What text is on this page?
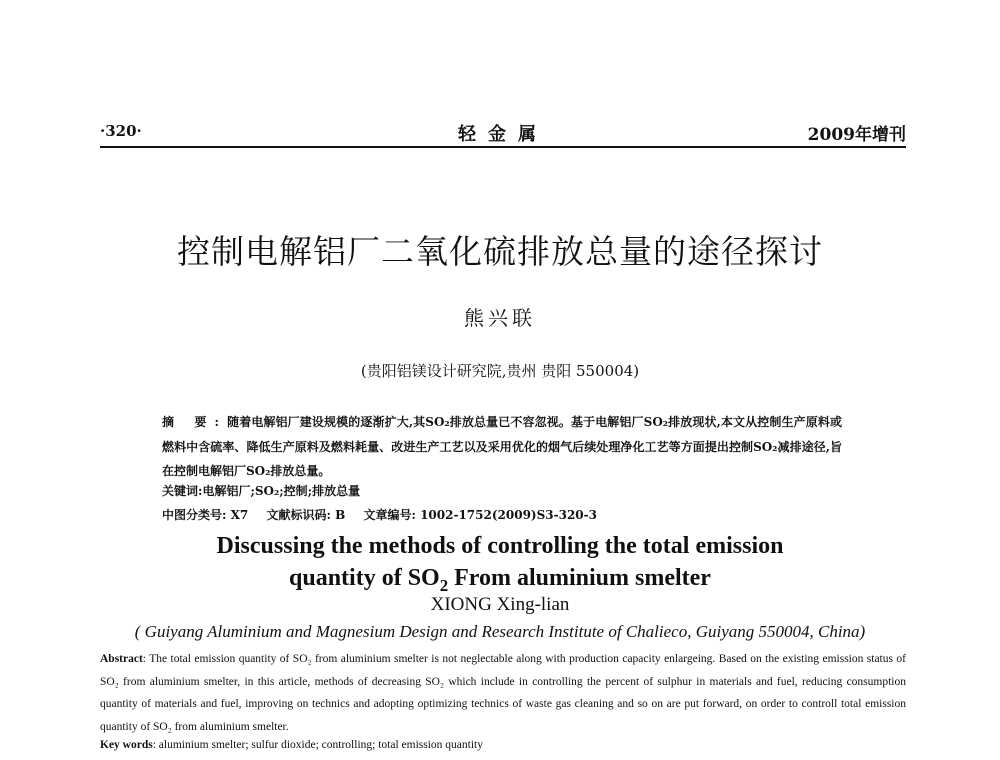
·320·	轻金属	2009年增刊
控制电解铝厂二氧化硫排放总量的途径探讨
熊兴联
(贵阳铝镁设计研究院,贵州 贵阳 550004)
摘 要:随着电解铝厂建设规模的逐渐扩大,其SO₂排放总量已不容忽视。基于电解铝厂SO₂排放现状,本文从控制生产原料或燃料中含硫率、降低生产原料及燃料耗量、改进生产工艺以及采用优化的烟气后续处理净化工艺等方面提出控制SO₂减排途径,旨在控制电解铝厂SO₂排放总量。
关键词:电解铝厂;SO₂;控制;排放总量
中图分类号: X7 文献标识码: B 文章编号: 1002-1752(2009)S3-320-3
Discussing the methods of controlling the total emission
quantity of $SO_2$ From aluminium smelter
XIONG Xing-lian
( Guiyang Aluminium and Magnesium Design and Research Institute of Chalieco, Guiyang 550004, China)
Abstract: The total emission quantity of SO₂ from aluminium smelter is not neglectable along with production capacity enlargeing. Based on the existing emission status of SO₂ from aluminium smelter, in this article, methods of decreasing SO₂ which include in controlling the percent of sulphur in materials and fuel, reducing consumption quantity of materials and fuel, improving on technics and adopting optimizing technics of waste gas cleaning and so on are put forward, on order to controll total emission quantity of SO₂ from aluminium smelter.
Key words: aluminium smelter; sulfur dioxide; controlling; total emission quantity
